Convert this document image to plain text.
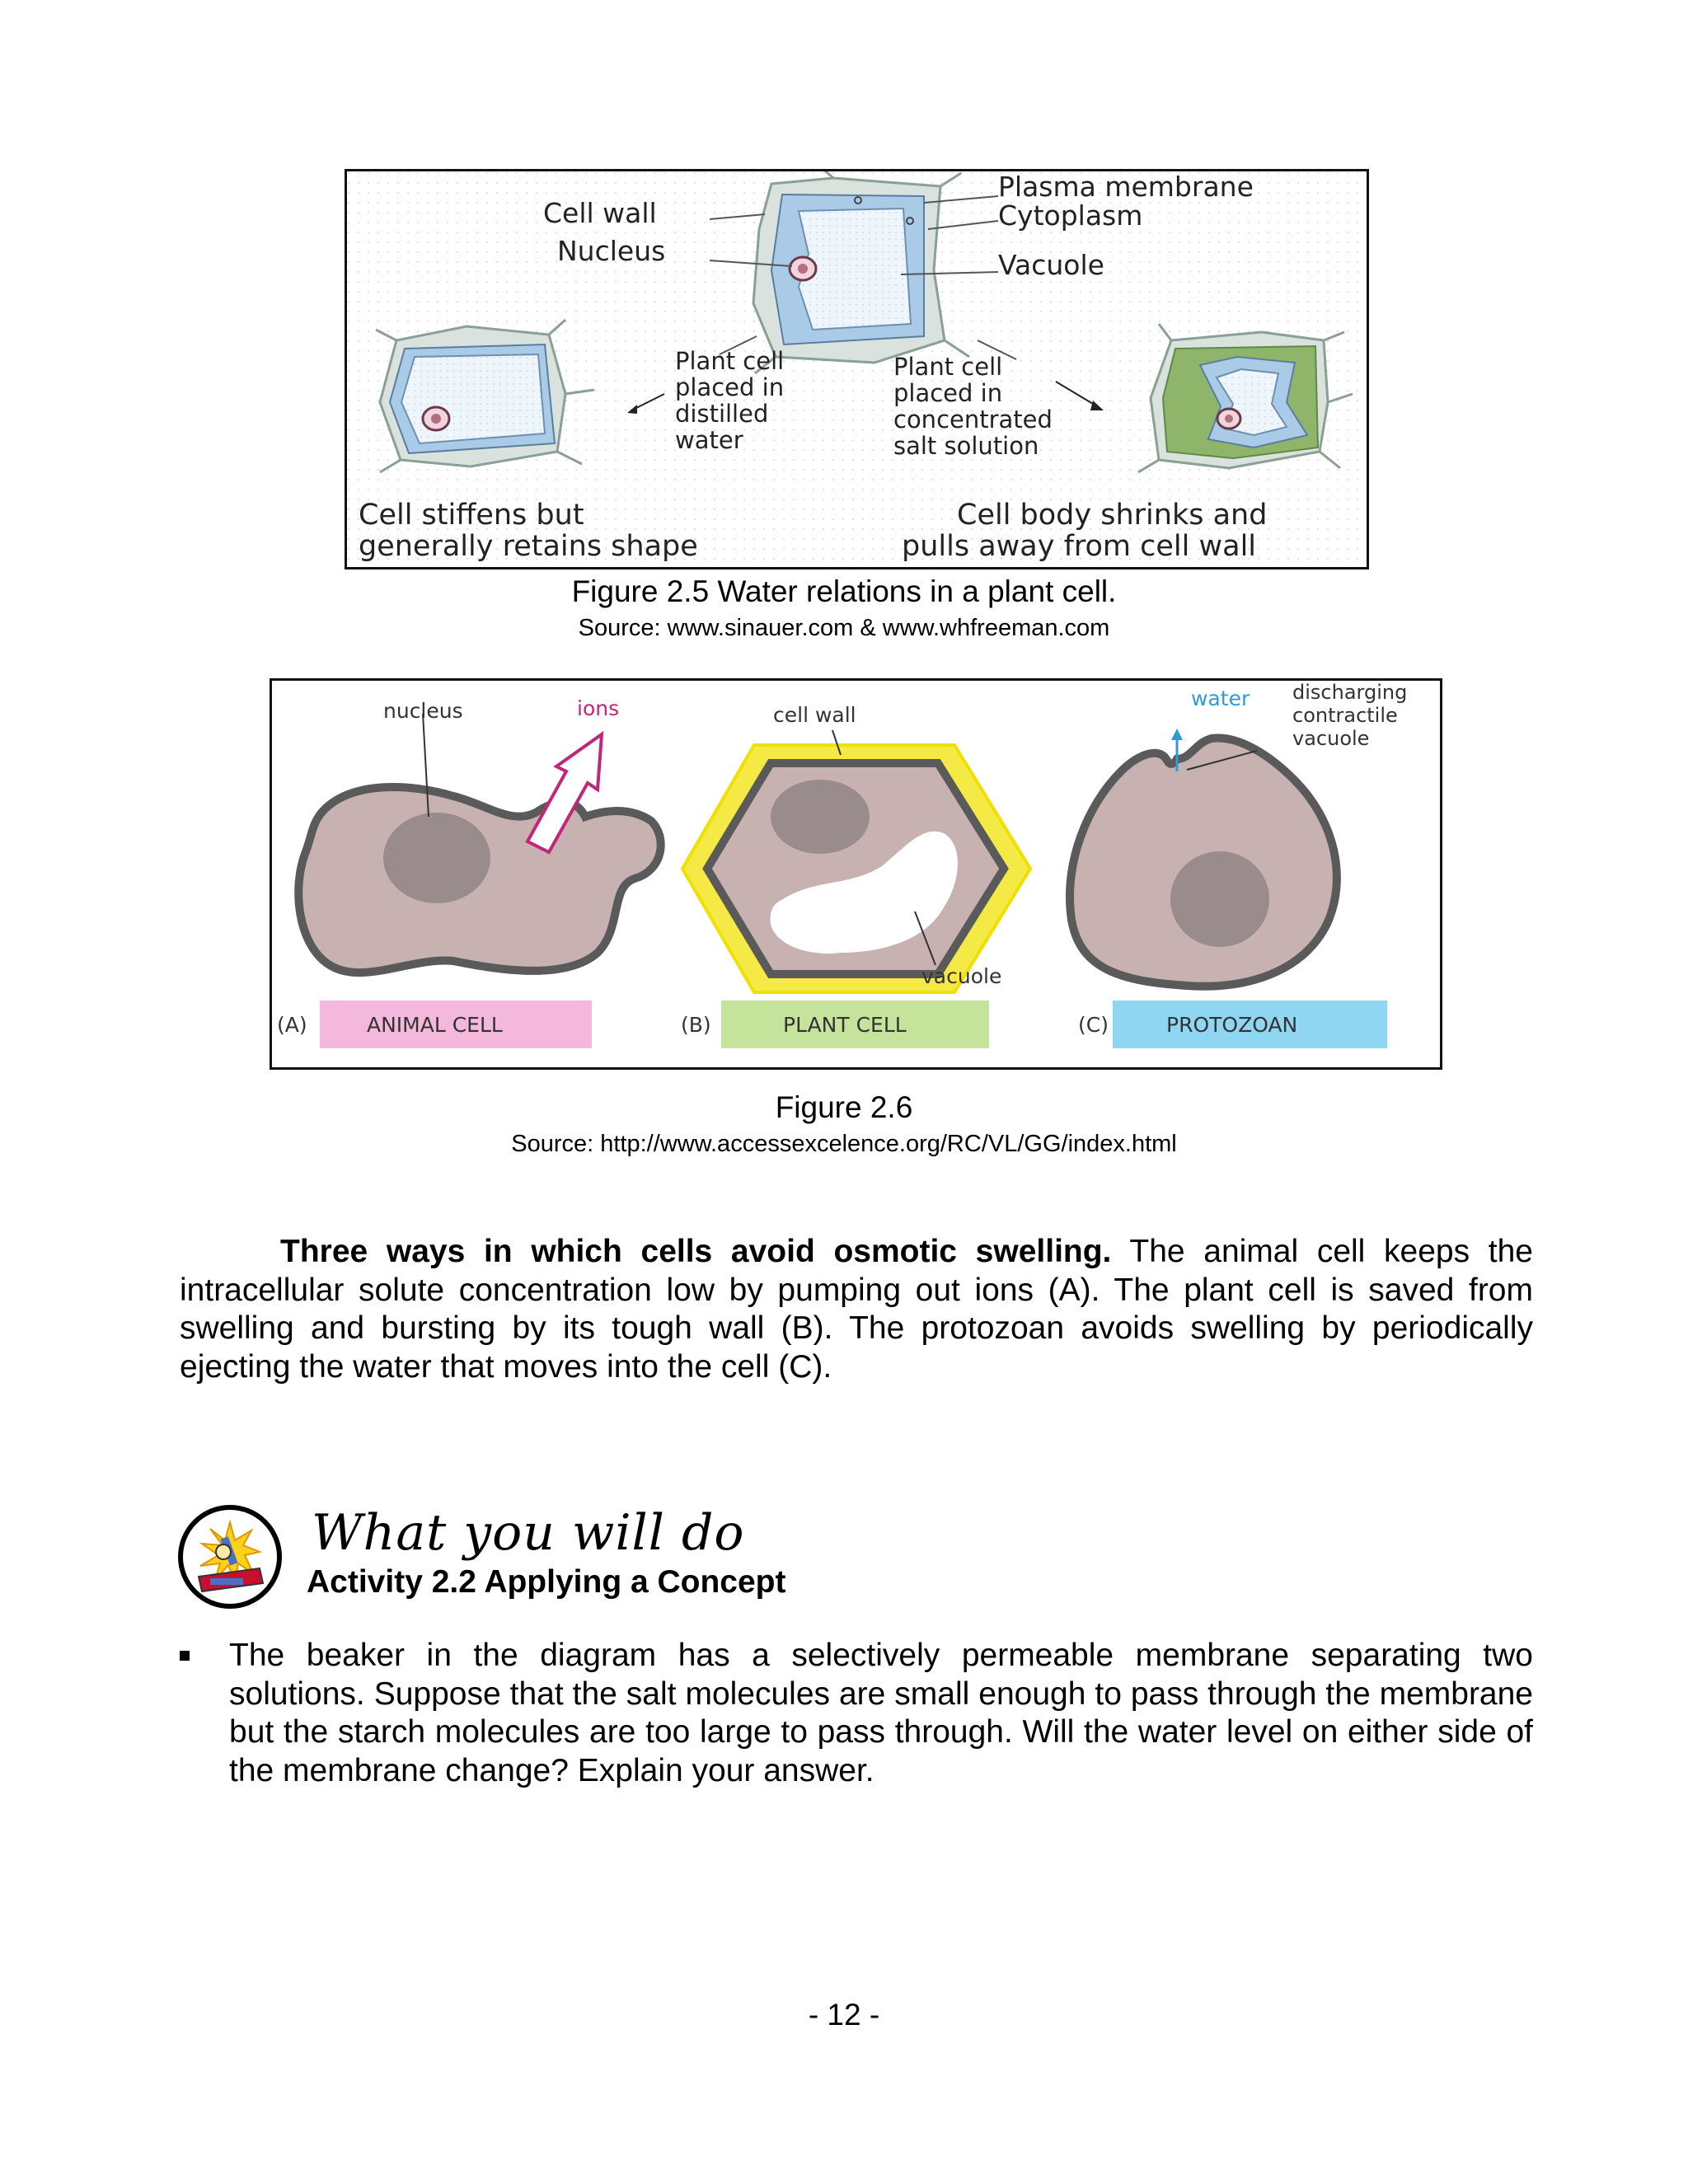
Cell wall
Nucleus
Plasma membrane
Cytoplasm
Vacuole
Plant cell
placed in
distilled
water
Plant cell
placed in
concentrated
salt solution
Cell stiffens but
generally retains shape
Cell body shrinks and
pulls away from cell wall
Figure 2.5 Water relations in a plant cell.
Source: www.sinauer.com & www.whfreeman.com
nucleus	ions	cell wall
vacuole
water discharging
contractile
vacuole
(A)	ANIMAL CELL	(B)	PLANT CELL	(C)	PROTOZOAN
Figure 2.6
Source: http://www.accessexcelence.org/RC/VL/GG/index.html
Three ways in which cells avoid osmotic swelling. The animal cell keeps the intracellular solute concentration low by pumping out ions (A). The plant cell is saved from swelling and bursting by its tough wall (B). The protozoan avoids swelling by periodically ejecting the water that moves into the cell (C).
What you will do
Activity 2.2 Applying a Concept
The beaker in the diagram has a selectively permeable membrane separating two solutions. Suppose that the salt molecules are small enough to pass through the membrane but the starch molecules are too large to pass through. Will the water level on either side of the membrane change? Explain your answer.
- 12 -
